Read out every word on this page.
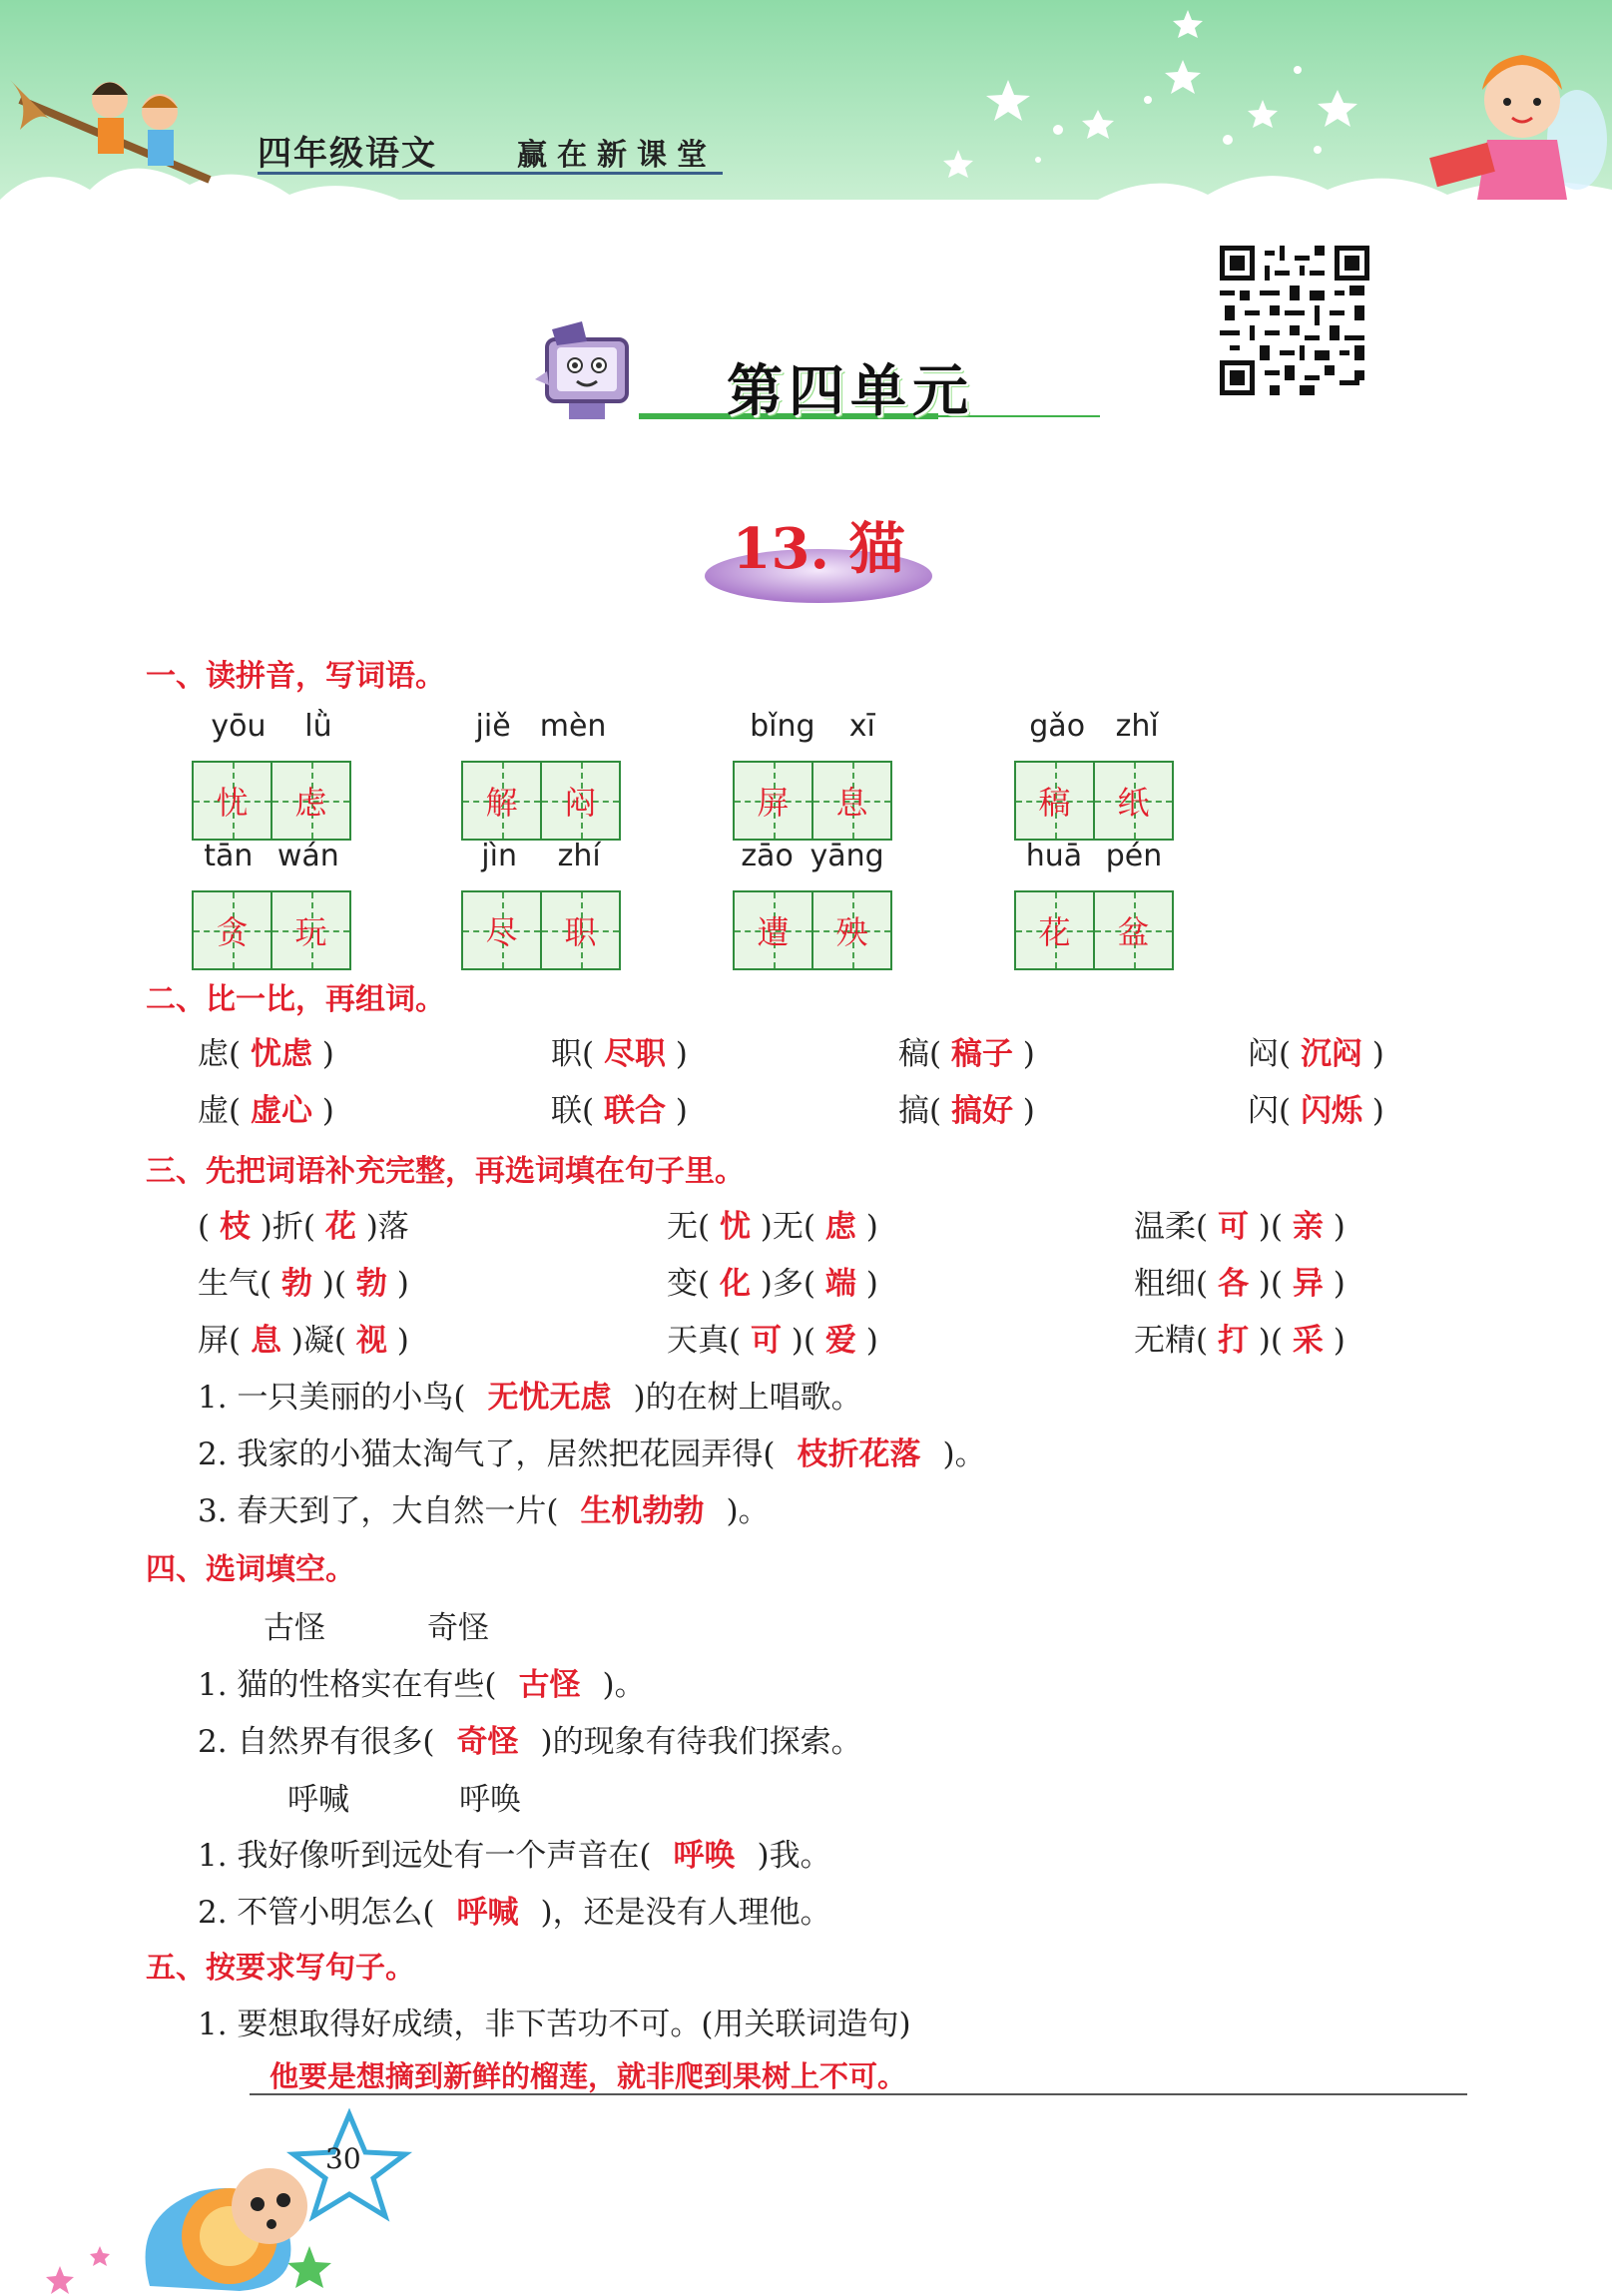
四年级语文	赢在新课堂
第四单元
13. 猫
一、读拼音，写词语。
yōu lǜ
忧 虑
jiě mèn
解 闷
bǐng xī
屏 息
gǎo zhǐ
稿 纸
tān wán
贪 玩
jìn zhí
尽 职
zāo yāng
遭 殃
huā pén
花 盆
二、比一比，再组词。
虑( 忧虑 )	职( 尽职 )	稿( 稿子 )	闷( 沉闷 )
虚( 虚心 )	联( 联合 )	搞( 搞好 )	闪( 闪烁 )
三、先把词语补充完整，再选词填在句子里。
( 枝 )折( 花 )落	无( 忧 )无( 虑 )	温柔( 可 )( 亲 )
生气( 勃 )( 勃 )	变( 化 )多( 端 )	粗细( 各 )( 异 )
屏( 息 )凝( 视 )	天真( 可 )( 爱 )	无精( 打 )( 采 )
1. 一只美丽的小鸟( 无忧无虑 )的在树上唱歌。
2. 我家的小猫太淘气了，居然把花园弄得( 枝折花落 )。
3. 春天到了，大自然一片( 生机勃勃 )。
四、选词填空。
古怪	奇怪
1. 猫的性格实在有些( 古怪 )。
2. 自然界有很多( 奇怪 )的现象有待我们探索。
呼喊	呼唤
1. 我好像听到远处有一个声音在( 呼唤 )我。
2. 不管小明怎么( 呼喊 )，还是没有人理他。
五、按要求写句子。
1. 要想取得好成绩，非下苦功不可。(用关联词造句)
他要是想摘到新鲜的榴莲，就非爬到果树上不可。
30
